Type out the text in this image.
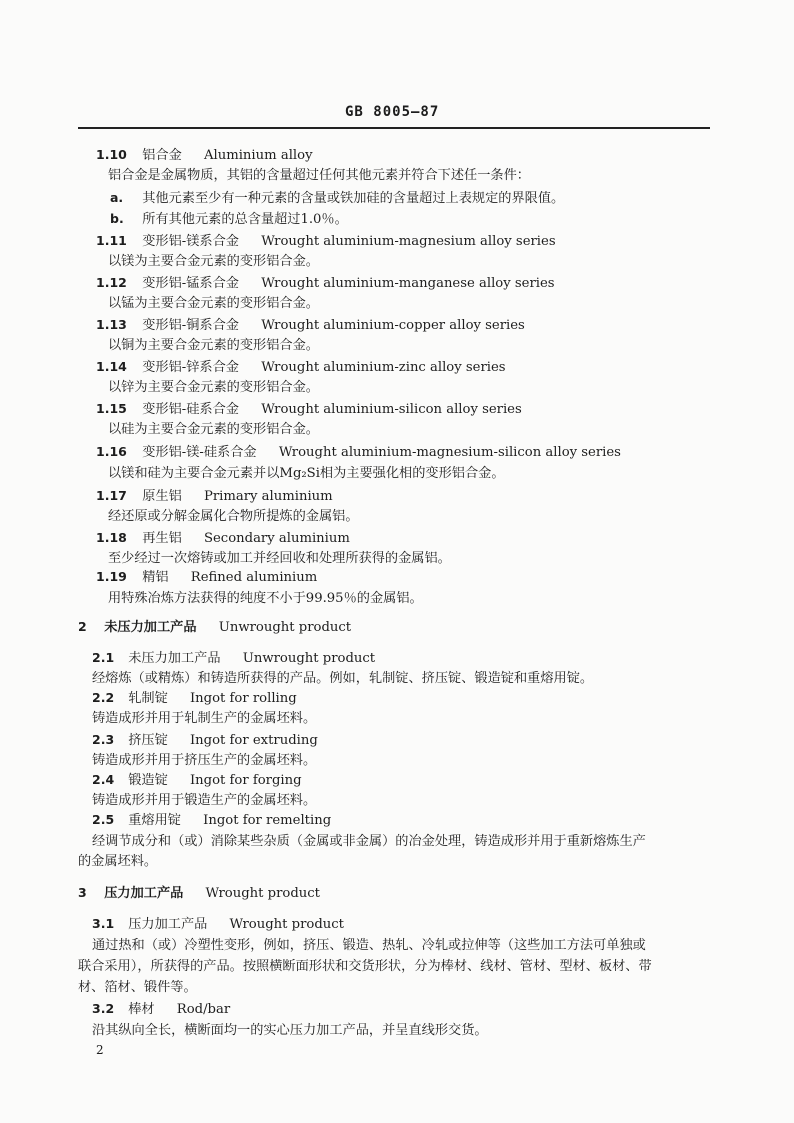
GB 8005—87
1.10 铝合金 Aluminium alloy
铝合金是金属物质，其铝的含量超过任何其他元素并符合下述任一条件：
a. 其他元素至少有一种元素的含量或铁加硅的含量超过上表规定的界限值。
b. 所有其他元素的总含量超过1.0％。
1.11 变形铝-镁系合金 Wrought aluminium-magnesium alloy series
以镁为主要合金元素的变形铝合金。
1.12 变形铝-锰系合金 Wrought aluminium-manganese alloy series
以锰为主要合金元素的变形铝合金。
1.13 变形铝-铜系合金 Wrought aluminium-copper alloy series
以铜为主要合金元素的变形铝合金。
1.14 变形铝-锌系合金 Wrought aluminium-zinc alloy series
以锌为主要合金元素的变形铝合金。
1.15 变形铝-硅系合金 Wrought aluminium-silicon alloy series
以硅为主要合金元素的变形铝合金。
1.16 变形铝-镁-硅系合金 Wrought aluminium-magnesium-silicon alloy series
以镁和硅为主要合金元素并以Mg₂Si相为主要强化相的变形铝合金。
1.17 原生铝 Primary aluminium
经还原或分解金属化合物所提炼的金属铝。
1.18 再生铝 Secondary aluminium
至少经过一次熔铸或加工并经回收和处理所获得的金属铝。
1.19 精铝 Refined aluminium
用特殊冶炼方法获得的纯度不小于99.95％的金属铝。
2 未压力加工产品 Unwrought product
2.1 未压力加工产品 Unwrought product
经熔炼（或精炼）和铸造所获得的产品。例如，轧制锭、挤压锭、锻造锭和重熔用锭。
2.2 轧制锭 Ingot for rolling
铸造成形并用于轧制生产的金属坯料。
2.3 挤压锭 Ingot for extruding
铸造成形并用于挤压生产的金属坯料。
2.4 锻造锭 Ingot for forging
铸造成形并用于锻造生产的金属坯料。
2.5 重熔用锭 Ingot for remelting
经调节成分和（或）消除某些杂质（金属或非金属）的冶金处理，铸造成形并用于重新熔炼生产
的金属坯料。
3 压力加工产品 Wrought product
3.1 压力加工产品 Wrought product
通过热和（或）冷塑性变形，例如，挤压、锻造、热轧、冷轧或拉伸等（这些加工方法可单独或
联合采用），所获得的产品。按照横断面形状和交货形状，分为棒材、线材、管材、型材、板材、带
材、箔材、锻件等。
3.2 棒材 Rod/bar
沿其纵向全长，横断面均一的实心压力加工产品，并呈直线形交货。
2
